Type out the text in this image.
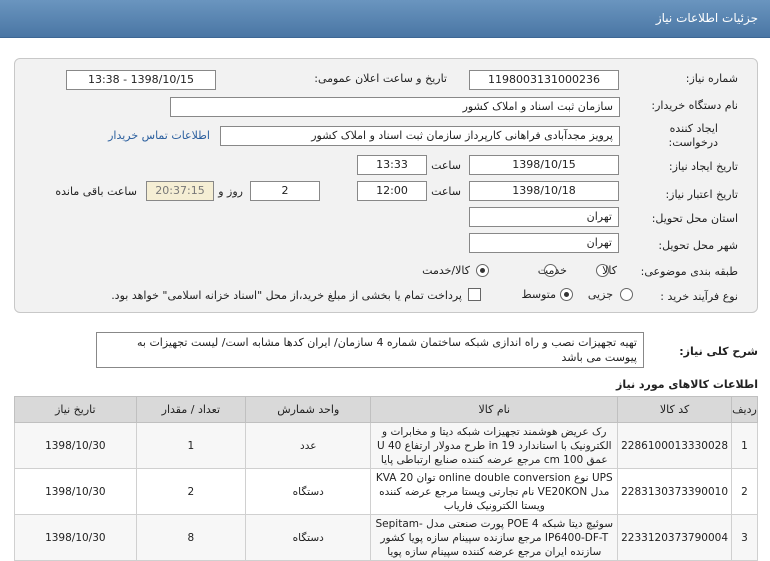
جزئیات اطلاعات نیاز
شماره نیاز:
1198003131000236
تاریخ و ساعت اعلان عمومی:
1398/10/15 - 13:38
نام دستگاه خریدار:
سازمان ثبت اسناد و املاک کشور
ایجاد کننده
درخواست:
پرویز مجدآبادی فراهانی کارپرداز سازمان ثبت اسناد و املاک کشور
اطلاعات تماس خریدار
تاریخ ایجاد نیاز:
1398/10/15
ساعت
13:33
تاریخ اعتبار نیاز:
1398/10/18
ساعت
12:00
2
روز و
20:37:15
ساعت باقی مانده
استان محل تحویل:
تهران
شهر محل تحویل:
تهران
طبقه بندی موضوعی:
کالا
خدمت
کالا/خدمت
نوع فرآیند خرید :
جزیی
متوسط
پرداخت تمام یا بخشی از مبلغ خرید،از محل "اسناد خزانه اسلامی" خواهد بود.
شرح کلی نیاز:
تهیه تجهیزات نصب و راه اندازی شبکه ساختمان شماره 4 سازمان/ ایران کدها مشابه است/ لیست تجهیزات به پیوست می باشد
اطلاعات کالاهای مورد نیاز
ردیف	کد کالا	نام کالا	واحد شمارش	تعداد / مقدار	تاریخ نیاز
1	2286100013330028	رک عریض هوشمند تجهیزات شبکه دیتا و مخابرات و الکترونیک با استاندارد in 19 طرح مدولار ارتفاع U 40 عمق cm 100 مرجع عرضه کننده صنایع ارتباطی پایا	عدد	1	1398/10/30
2	2283130373390010	UPS نوع online double conversion توان KVA 20 مدل VE20KON نام تجارتی ویستا مرجع عرضه کننده ویستا الکترونیک فاریاب	دستگاه	2	1398/10/30
3	2233120373790004	سوئیچ دیتا شبکه 4 POE پورت صنعتی مدل Sepitam-IP6400-DF-T مرجع سازنده سپینام سازه پویا کشور سازنده ایران مرجع عرضه کننده سپینام سازه پویا	دستگاه	8	1398/10/30
